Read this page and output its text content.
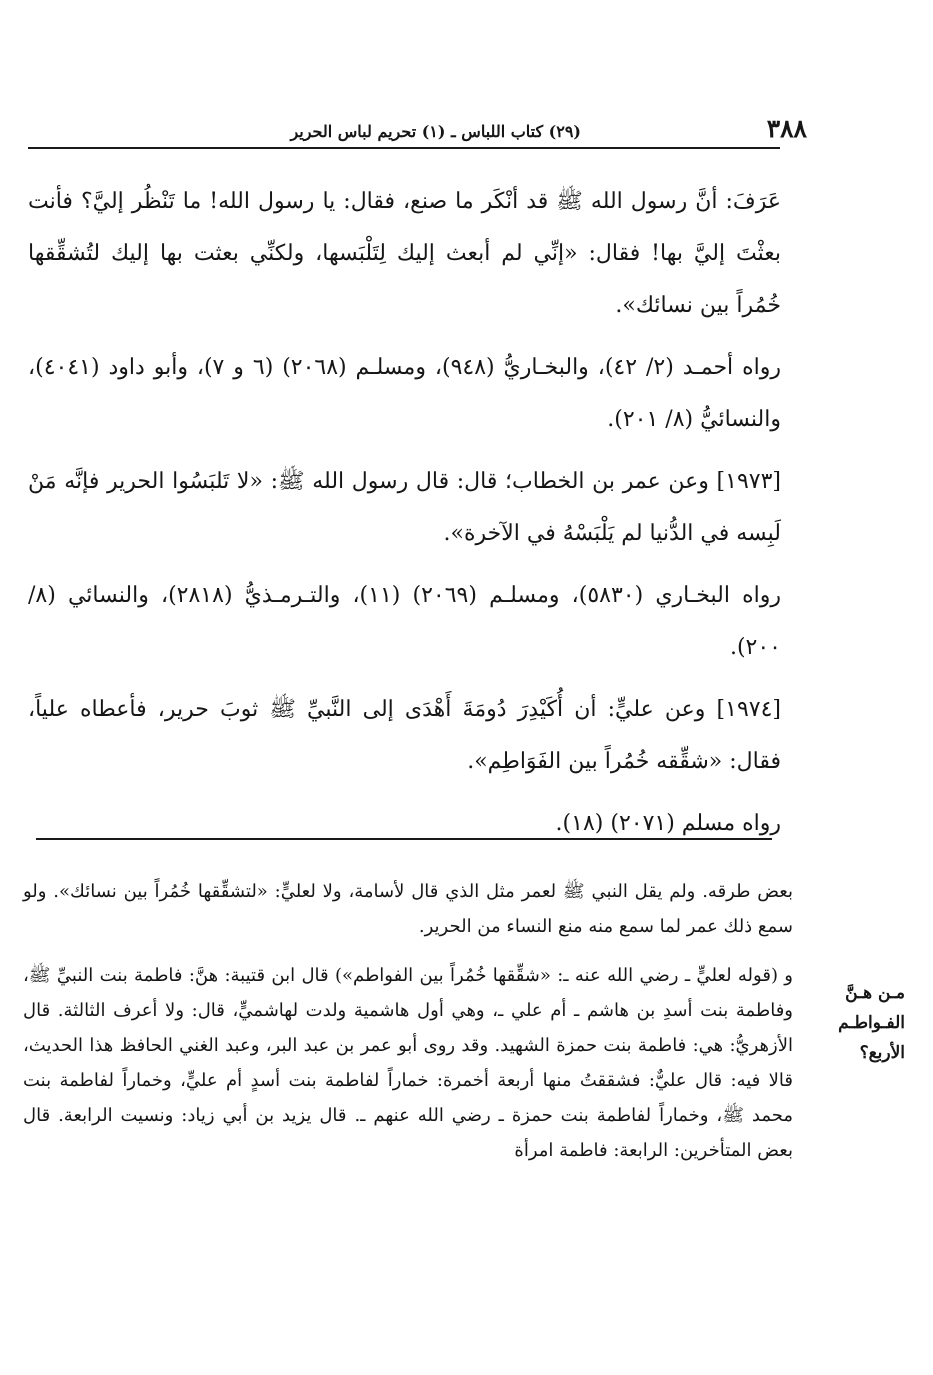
٣٨٨
(٢٩) كتاب اللباس ـ (١) تحريم لباس الحرير

عَرَفَ: أنَّ رسول الله ﷺ قد أنْكَر ما صنع، فقال: يا رسول الله! ما تَنْظُر إليَّ؟ فأنت بعثْتَ إليَّ بها! فقال: «إنِّي لم أبعث إليك لِتَلْبَسها، ولكنِّي بعثت بها إليك لتُشقِّقها خُمُراً بين نسائك».

رواه أحمـد (٢/ ٤٢)، والبخـاريُّ (٩٤٨)، ومسلـم (٢٠٦٨) (٦ و ٧)، وأبو داود (٤٠٤١)، والنسائيُّ (٨/ ٢٠١).

[١٩٧٣] وعن عمر بن الخطاب؛ قال: قال رسول الله ﷺ: «لا تَلبَسُوا الحرير فإنَّه مَنْ لَبِسه في الدُّنيا لم يَلْبَسْهُ في الآخرة».

رواه البخـاري (٥٨٣٠)، ومسلـم (٢٠٦٩) (١١)، والتـرمـذيُّ (٢٨١٨)، والنسائي (٨/ ٢٠٠).

[١٩٧٤] وعن عليٍّ: أن أُكَيْدِرَ دُومَةَ أَهْدَى إلى النَّبيِّ ﷺ ثوبَ حرير، فأعطاه علياً، فقال: «شقِّقه خُمُراً بين الفَوَاطِم».

رواه مسلم (٢٠٧١) (١٨).

بعض طرقه. ولم يقل النبي ﷺ لعمر مثل الذي قال لأسامة، ولا لعليٍّ: «لتشقِّقها خُمُراً بين نسائك». ولو سمع ذلك عمر لما سمع منه منع النساء من الحرير.

و (قوله لعليٍّ ـ رضي الله عنه ـ: «شقِّقها خُمُراً بين الفواطم») قال ابن قتيبة: هنَّ: فاطمة بنت النبيِّ ﷺ، وفاطمة بنت أسدِ بن هاشم ـ أم علي ـ، وهي أول هاشمية ولدت لهاشميٍّ، قال: ولا أعرف الثالثة. قال الأزهريُّ: هي: فاطمة بنت حمزة الشهيد. وقد روى أبو عمر بن عبد البر، وعبد الغني الحافظ هذا الحديث، قالا فيه: قال عليٌّ: فشققتُ منها أربعة أخمرة: خماراً لفاطمة بنت أسدٍ أم عليٍّ، وخماراً لفاطمة بنت محمد ﷺ، وخماراً لفاطمة بنت حمزة ـ رضي الله عنهم ـ. قال يزيد بن أبي زياد: ونسيت الرابعة. قال بعض المتأخرين: الرابعة: فاطمة امرأة

مـن هـنَّ الفـواطـم الأربع؟
